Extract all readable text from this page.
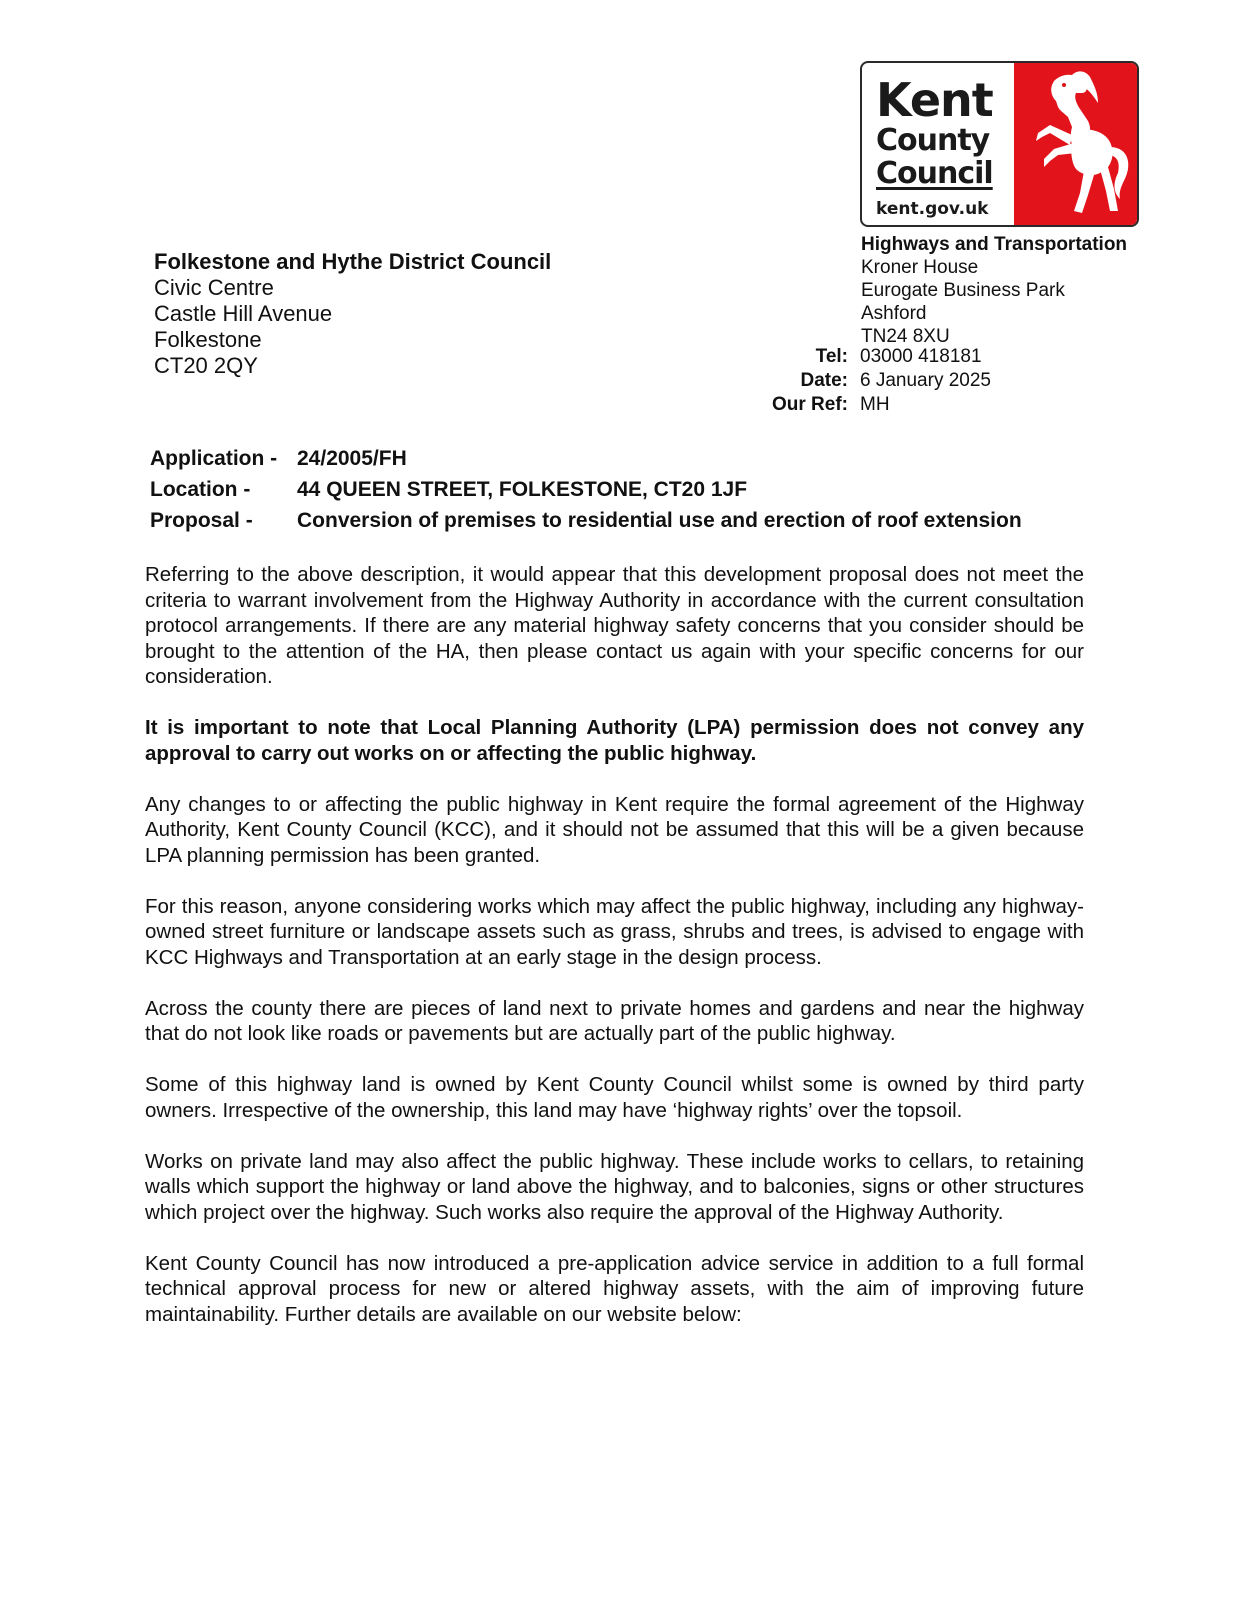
Kent
County
Council
kent.gov.uk
Folkestone and Hythe District Council
Civic Centre
Castle Hill Avenue
Folkestone
CT20 2QY
Highways and Transportation
Kroner House
Eurogate Business Park
Ashford
TN24 8XU
Tel: 03000 418181
Date: 6 January 2025
Our Ref: MH
Application - 24/2005/FH
Location -	44 QUEEN STREET, FOLKESTONE, CT20 1JF
Proposal -	Conversion of premises to residential use and erection of roof extension

Referring to the above description, it would appear that this development proposal does not meet the criteria to warrant involvement from the Highway Authority in accordance with the current consultation protocol arrangements. If there are any material highway safety concerns that you consider should be brought to the attention of the HA, then please contact us again with your specific concerns for our consideration.

It is important to note that Local Planning Authority (LPA) permission does not convey any approval to carry out works on or affecting the public highway.

Any changes to or affecting the public highway in Kent require the formal agreement of the Highway Authority, Kent County Council (KCC), and it should not be assumed that this will be a given because LPA planning permission has been granted.

For this reason, anyone considering works which may affect the public highway, including any highway-owned street furniture or landscape assets such as grass, shrubs and trees, is advised to engage with KCC Highways and Transportation at an early stage in the design process.

Across the county there are pieces of land next to private homes and gardens and near the highway that do not look like roads or pavements but are actually part of the public highway.

Some of this highway land is owned by Kent County Council whilst some is owned by third party owners. Irrespective of the ownership, this land may have ‘highway rights’ over the topsoil.

Works on private land may also affect the public highway. These include works to cellars, to retaining walls which support the highway or land above the highway, and to balconies, signs or other structures which project over the highway. Such works also require the approval of the Highway Authority.

Kent County Council has now introduced a pre-application advice service in addition to a full formal technical approval process for new or altered highway assets, with the aim of improving future maintainability. Further details are available on our website below:
